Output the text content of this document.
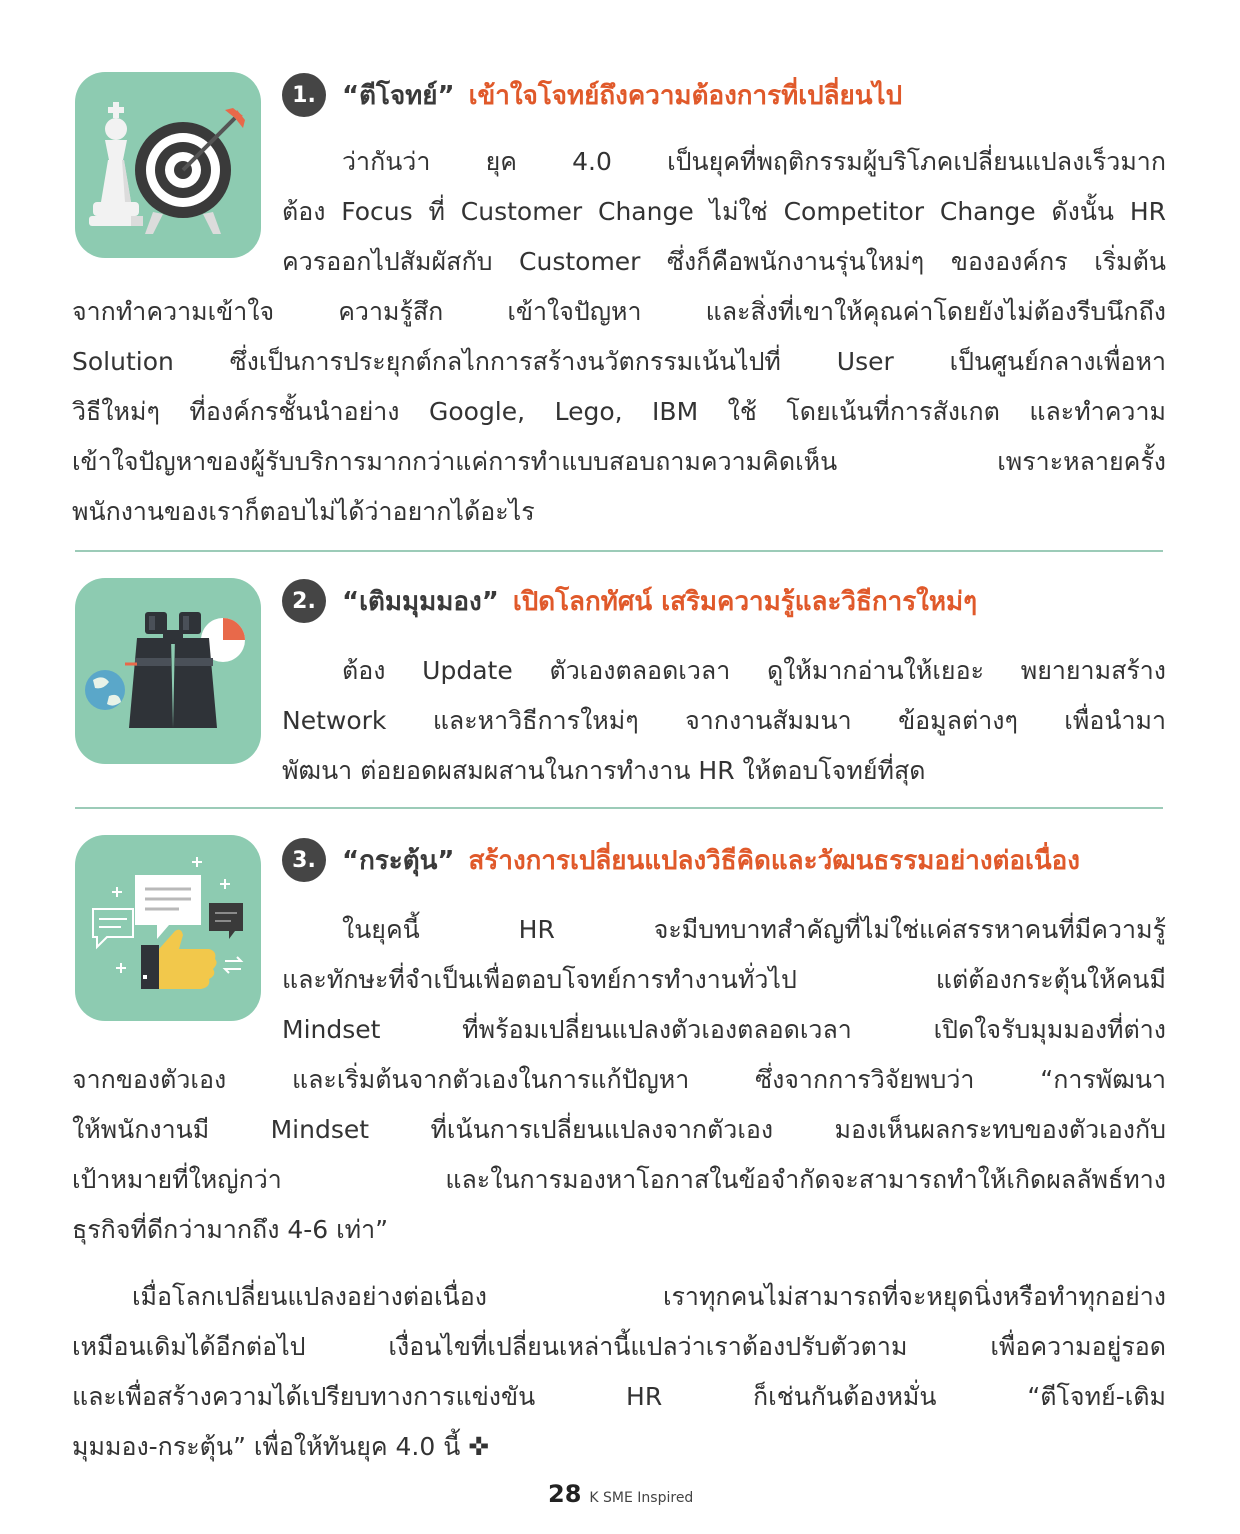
1.	“ตีโจทย์” เข้าใจโจทย์ถึงความต้องการที่เปลี่ยนไป
ว่ากันว่า ยุค 4.0 เป็นยุคที่พฤติกรรมผู้บริโภคเปลี่ยนแปลงเร็วมาก
ต้อง Focus ที่ Customer Change ไม่ใช่ Competitor Change ดังนั้น HR
ควรออกไปสัมผัสกับ Customer ซึ่งก็คือพนักงานรุ่นใหม่ๆ ขององค์กร เริ่มต้น
จากทำความเข้าใจ ความรู้สึก เข้าใจปัญหา และสิ่งที่เขาให้คุณค่าโดยยังไม่ต้องรีบนึกถึง
Solution ซึ่งเป็นการประยุกต์กลไกการสร้างนวัตกรรมเน้นไปที่ User เป็นศูนย์กลางเพื่อหา
วิธีใหม่ๆ ที่องค์กรชั้นนำอย่าง Google, Lego, IBM ใช้ โดยเน้นที่การสังเกต และทำความ
เข้าใจปัญหาของผู้รับบริการมากกว่าแค่การทำแบบสอบถามความคิดเห็น เพราะหลายครั้ง
พนักงานของเราก็ตอบไม่ได้ว่าอยากได้อะไร
2.	“เติมมุมมอง” เปิดโลกทัศน์ เสริมความรู้และวิธีการใหม่ๆ
ต้อง Update ตัวเองตลอดเวลา ดูให้มากอ่านให้เยอะ พยายามสร้าง
Network และหาวิธีการใหม่ๆ จากงานสัมมนา ข้อมูลต่างๆ เพื่อนำมา
พัฒนา ต่อยอดผสมผสานในการทำงาน HR ให้ตอบโจทย์ที่สุด
3.	“กระตุ้น” สร้างการเปลี่ยนแปลงวิธีคิดและวัฒนธรรมอย่างต่อเนื่อง
ในยุคนี้ HR จะมีบทบาทสำคัญที่ไม่ใช่แค่สรรหาคนที่มีความรู้
และทักษะที่จำเป็นเพื่อตอบโจทย์การทำงานทั่วไป แต่ต้องกระตุ้นให้คนมี
Mindset ที่พร้อมเปลี่ยนแปลงตัวเองตลอดเวลา เปิดใจรับมุมมองที่ต่าง
จากของตัวเอง และเริ่มต้นจากตัวเองในการแก้ปัญหา ซึ่งจากการวิจัยพบว่า “การพัฒนา
ให้พนักงานมี Mindset ที่เน้นการเปลี่ยนแปลงจากตัวเอง มองเห็นผลกระทบของตัวเองกับ
เป้าหมายที่ใหญ่กว่า และในการมองหาโอกาสในข้อจำกัดจะสามารถทำให้เกิดผลลัพธ์ทาง
ธุรกิจที่ดีกว่ามากถึง 4-6 เท่า”
เมื่อโลกเปลี่ยนแปลงอย่างต่อเนื่อง เราทุกคนไม่สามารถที่จะหยุดนิ่งหรือทำทุกอย่าง
เหมือนเดิมได้อีกต่อไป เงื่อนไขที่เปลี่ยนเหล่านี้แปลว่าเราต้องปรับตัวตาม เพื่อความอยู่รอด
และเพื่อสร้างความได้เปรียบทางการแข่งขัน HR ก็เช่นกันต้องหมั่น “ตีโจทย์-เติม
มุมมอง-กระตุ้น” เพื่อให้ทันยุค 4.0 นี้ ✜
28 K SME Inspired
